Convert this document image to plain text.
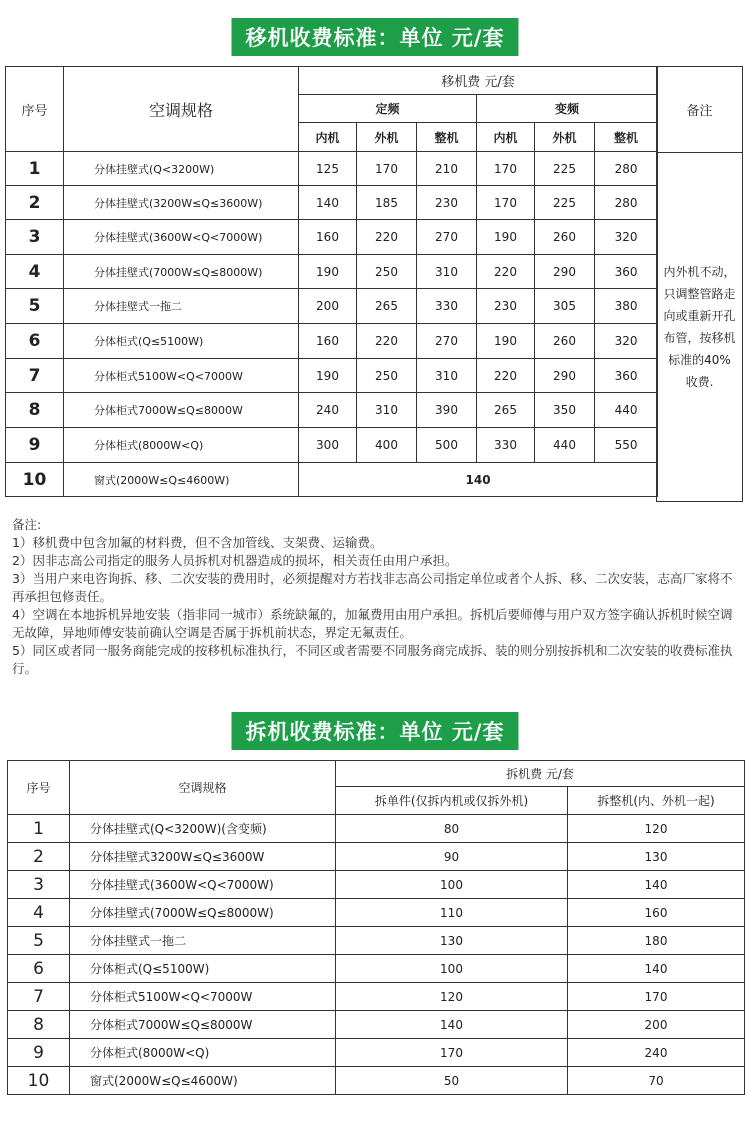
移机收费标准：单位 元/套
序号	空调规格	移机费 元/套					
		定频			变频		
		内机	外机	整机	内机	外机	整机
1	分体挂壁式(Q<3200W)	125	170	210	170	225	280
2	分体挂壁式(3200W≤Q≤3600W)	140	185	230	170	225	280
3	分体挂壁式(3600W<Q<7000W)	160	220	270	190	260	320
4	分体挂壁式(7000W≤Q≤8000W)	190	250	310	220	290	360
5	分体挂壁式一拖二	200	265	330	230	305	380
6	分体柜式(Q≤5100W)	160	220	270	190	260	320
7	分体柜式5100W<Q<7000W	190	250	310	220	290	360
8	分体柜式7000W≤Q≤8000W	240	310	390	265	350	440
9	分体柜式(8000W<Q)	300	400	500	330	440	550
10	窗式(2000W≤Q≤4600W)	140					
备注
内外机不动，只调整管路走向或重新开孔布管，按移机标准的40%收费.
备注:
1）移机费中包含加氟的材料费，但不含加管线、支架费、运输费。
2）因非志高公司指定的服务人员拆机对机器造成的损坏，相关责任由用户承担。
3）当用户来电咨询拆、移、二次安装的费用时，必须提醒对方若找非志高公司指定单位或者个人拆、移、二次安装，志高厂家将不再承担包修责任。
4）空调在本地拆机异地安装（指非同一城市）系统缺氟的，加氟费用由用户承担。拆机后要师傅与用户双方签字确认拆机时候空调无故障，异地师傅安装前确认空调是否属于拆机前状态，界定无氟责任。
5）同区或者同一服务商能完成的按移机标准执行，不同区或者需要不同服务商完成拆、装的则分别按拆机和二次安装的收费标准执行。
拆机收费标准：单位 元/套
序号	空调规格	拆机费 元/套	
		拆单件(仅拆内机或仅拆外机)	拆整机(内、外机一起)
1	分体挂壁式(Q<3200W)(含变频)	80	120
2	分体挂壁式3200W≤Q≤3600W	90	130
3	分体挂壁式(3600W<Q<7000W)	100	140
4	分体挂壁式(7000W≤Q≤8000W)	110	160
5	分体挂壁式一拖二	130	180
6	分体柜式(Q≤5100W)	100	140
7	分体柜式5100W<Q<7000W	120	170
8	分体柜式7000W≤Q≤8000W	140	200
9	分体柜式(8000W<Q)	170	240
10	窗式(2000W≤Q≤4600W)	50	70
